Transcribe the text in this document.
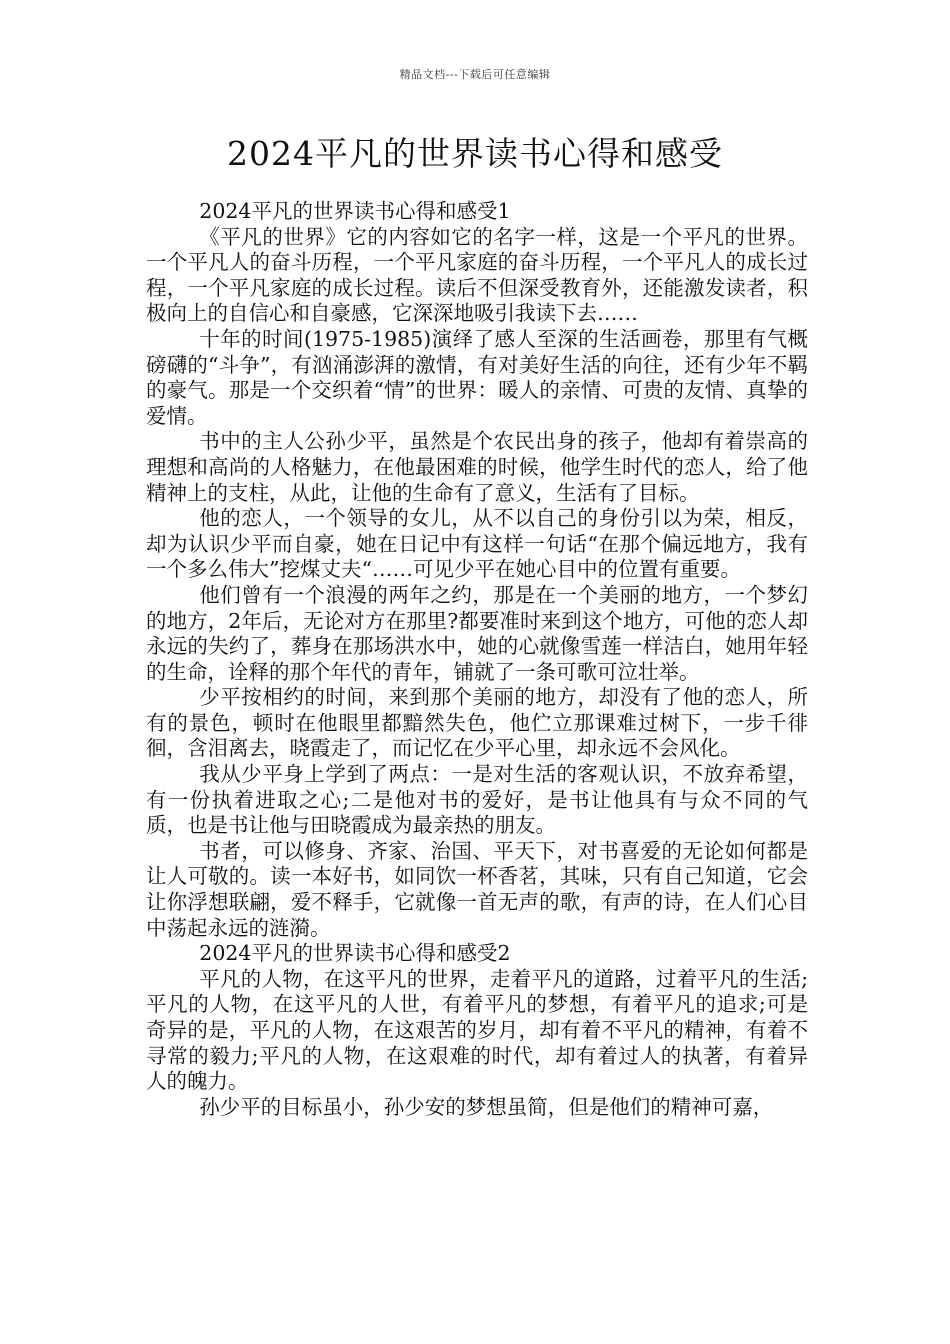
精品文档---下载后可任意编辑
2024平凡的世界读书心得和感受

2024平凡的世界读书心得和感受1

《平凡的世界》它的内容如它的名字一样，这是一个平凡的世界。一个平凡人的奋斗历程，一个平凡家庭的奋斗历程，一个平凡人的成长过程，一个平凡家庭的成长过程。读后不但深受教育外，还能激发读者，积极向上的自信心和自豪感，它深深地吸引我读下去……

十年的时间(1975-1985)演绎了感人至深的生活画卷，那里有气概磅礴的“斗争”，有汹涌澎湃的激情，有对美好生活的向往，还有少年不羁的豪气。那是一个交织着“情”的世界：暖人的亲情、可贵的友情、真挚的爱情。

书中的主人公孙少平，虽然是个农民出身的孩子，他却有着崇高的理想和高尚的人格魅力，在他最困难的时候，他学生时代的恋人，给了他精神上的支柱，从此，让他的生命有了意义，生活有了目标。

他的恋人，一个领导的女儿，从不以自己的身份引以为荣，相反，却为认识少平而自豪，她在日记中有这样一句话“在那个偏远地方，我有一个多么伟大”挖煤丈夫“……可见少平在她心目中的位置有重要。

他们曾有一个浪漫的两年之约，那是在一个美丽的地方，一个梦幻的地方，2年后，无论对方在那里?都要准时来到这个地方，可他的恋人却永远的失约了，葬身在那场洪水中，她的心就像雪莲一样洁白，她用年轻的生命，诠释的那个年代的青年，铺就了一条可歌可泣壮举。

少平按相约的时间，来到那个美丽的地方，却没有了他的恋人，所有的景色，顿时在他眼里都黯然失色，他伫立那课难过树下，一步千徘徊，含泪离去，晓霞走了，而记忆在少平心里，却永远不会风化。

我从少平身上学到了两点：一是对生活的客观认识，不放弃希望，有一份执着进取之心;二是他对书的爱好，是书让他具有与众不同的气质，也是书让他与田晓霞成为最亲热的朋友。

书者，可以修身、齐家、治国、平天下，对书喜爱的无论如何都是让人可敬的。读一本好书，如同饮一杯香茗，其味，只有自己知道，它会让你浮想联翩，爱不释手，它就像一首无声的歌，有声的诗，在人们心目中荡起永远的涟漪。

2024平凡的世界读书心得和感受2

平凡的人物，在这平凡的世界，走着平凡的道路，过着平凡的生活;平凡的人物，在这平凡的人世，有着平凡的梦想，有着平凡的追求;可是奇异的是，平凡的人物，在这艰苦的岁月，却有着不平凡的精神，有着不寻常的毅力;平凡的人物，在这艰难的时代，却有着过人的执著，有着异人的魄力。

孙少平的目标虽小，孙少安的梦想虽简，但是他们的精神可嘉，
